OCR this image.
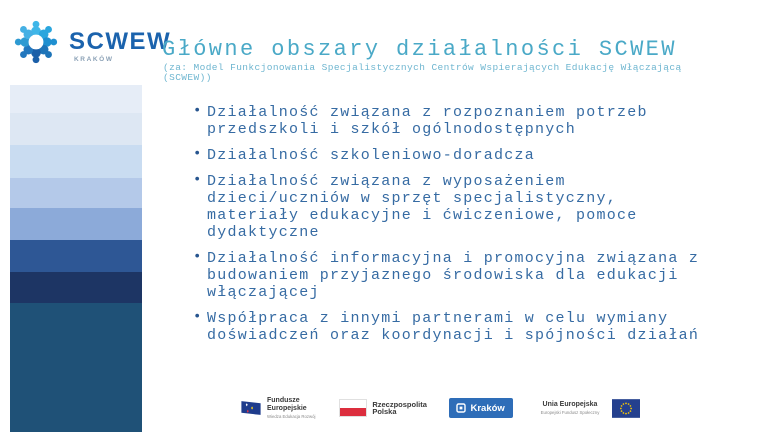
SCWEW
KRAKÓW Główne obszary działalności SCWEW

(za: Model Funkcjonowania Specjalistycznych Centrów Wspierających Edukację Włączającą (SCWEW))

• Działalność związana z rozpoznaniem potrzeb przedszkoli i szkół ogólnodostępnych
• Działalność szkoleniowo-doradcza
• Działalność związana z wyposażeniem dzieci/uczniów w sprzęt specjalistyczny, materiały edukacyjne i ćwiczeniowe, pomoce dydaktyczne
• Działalność informacyjna i promocyjna związana z budowaniem przyjaznego środowiska dla edukacji włączającej
• Współpraca z innymi partnerami w celu wymiany doświadczeń oraz koordynacji i spójności działań
Fundusze Europejskie
Wiedza Edukacja Rozwój
Rzeczpospolita Polska	Kraków	Unia Europejska
Europejski Fundusz Społeczny
